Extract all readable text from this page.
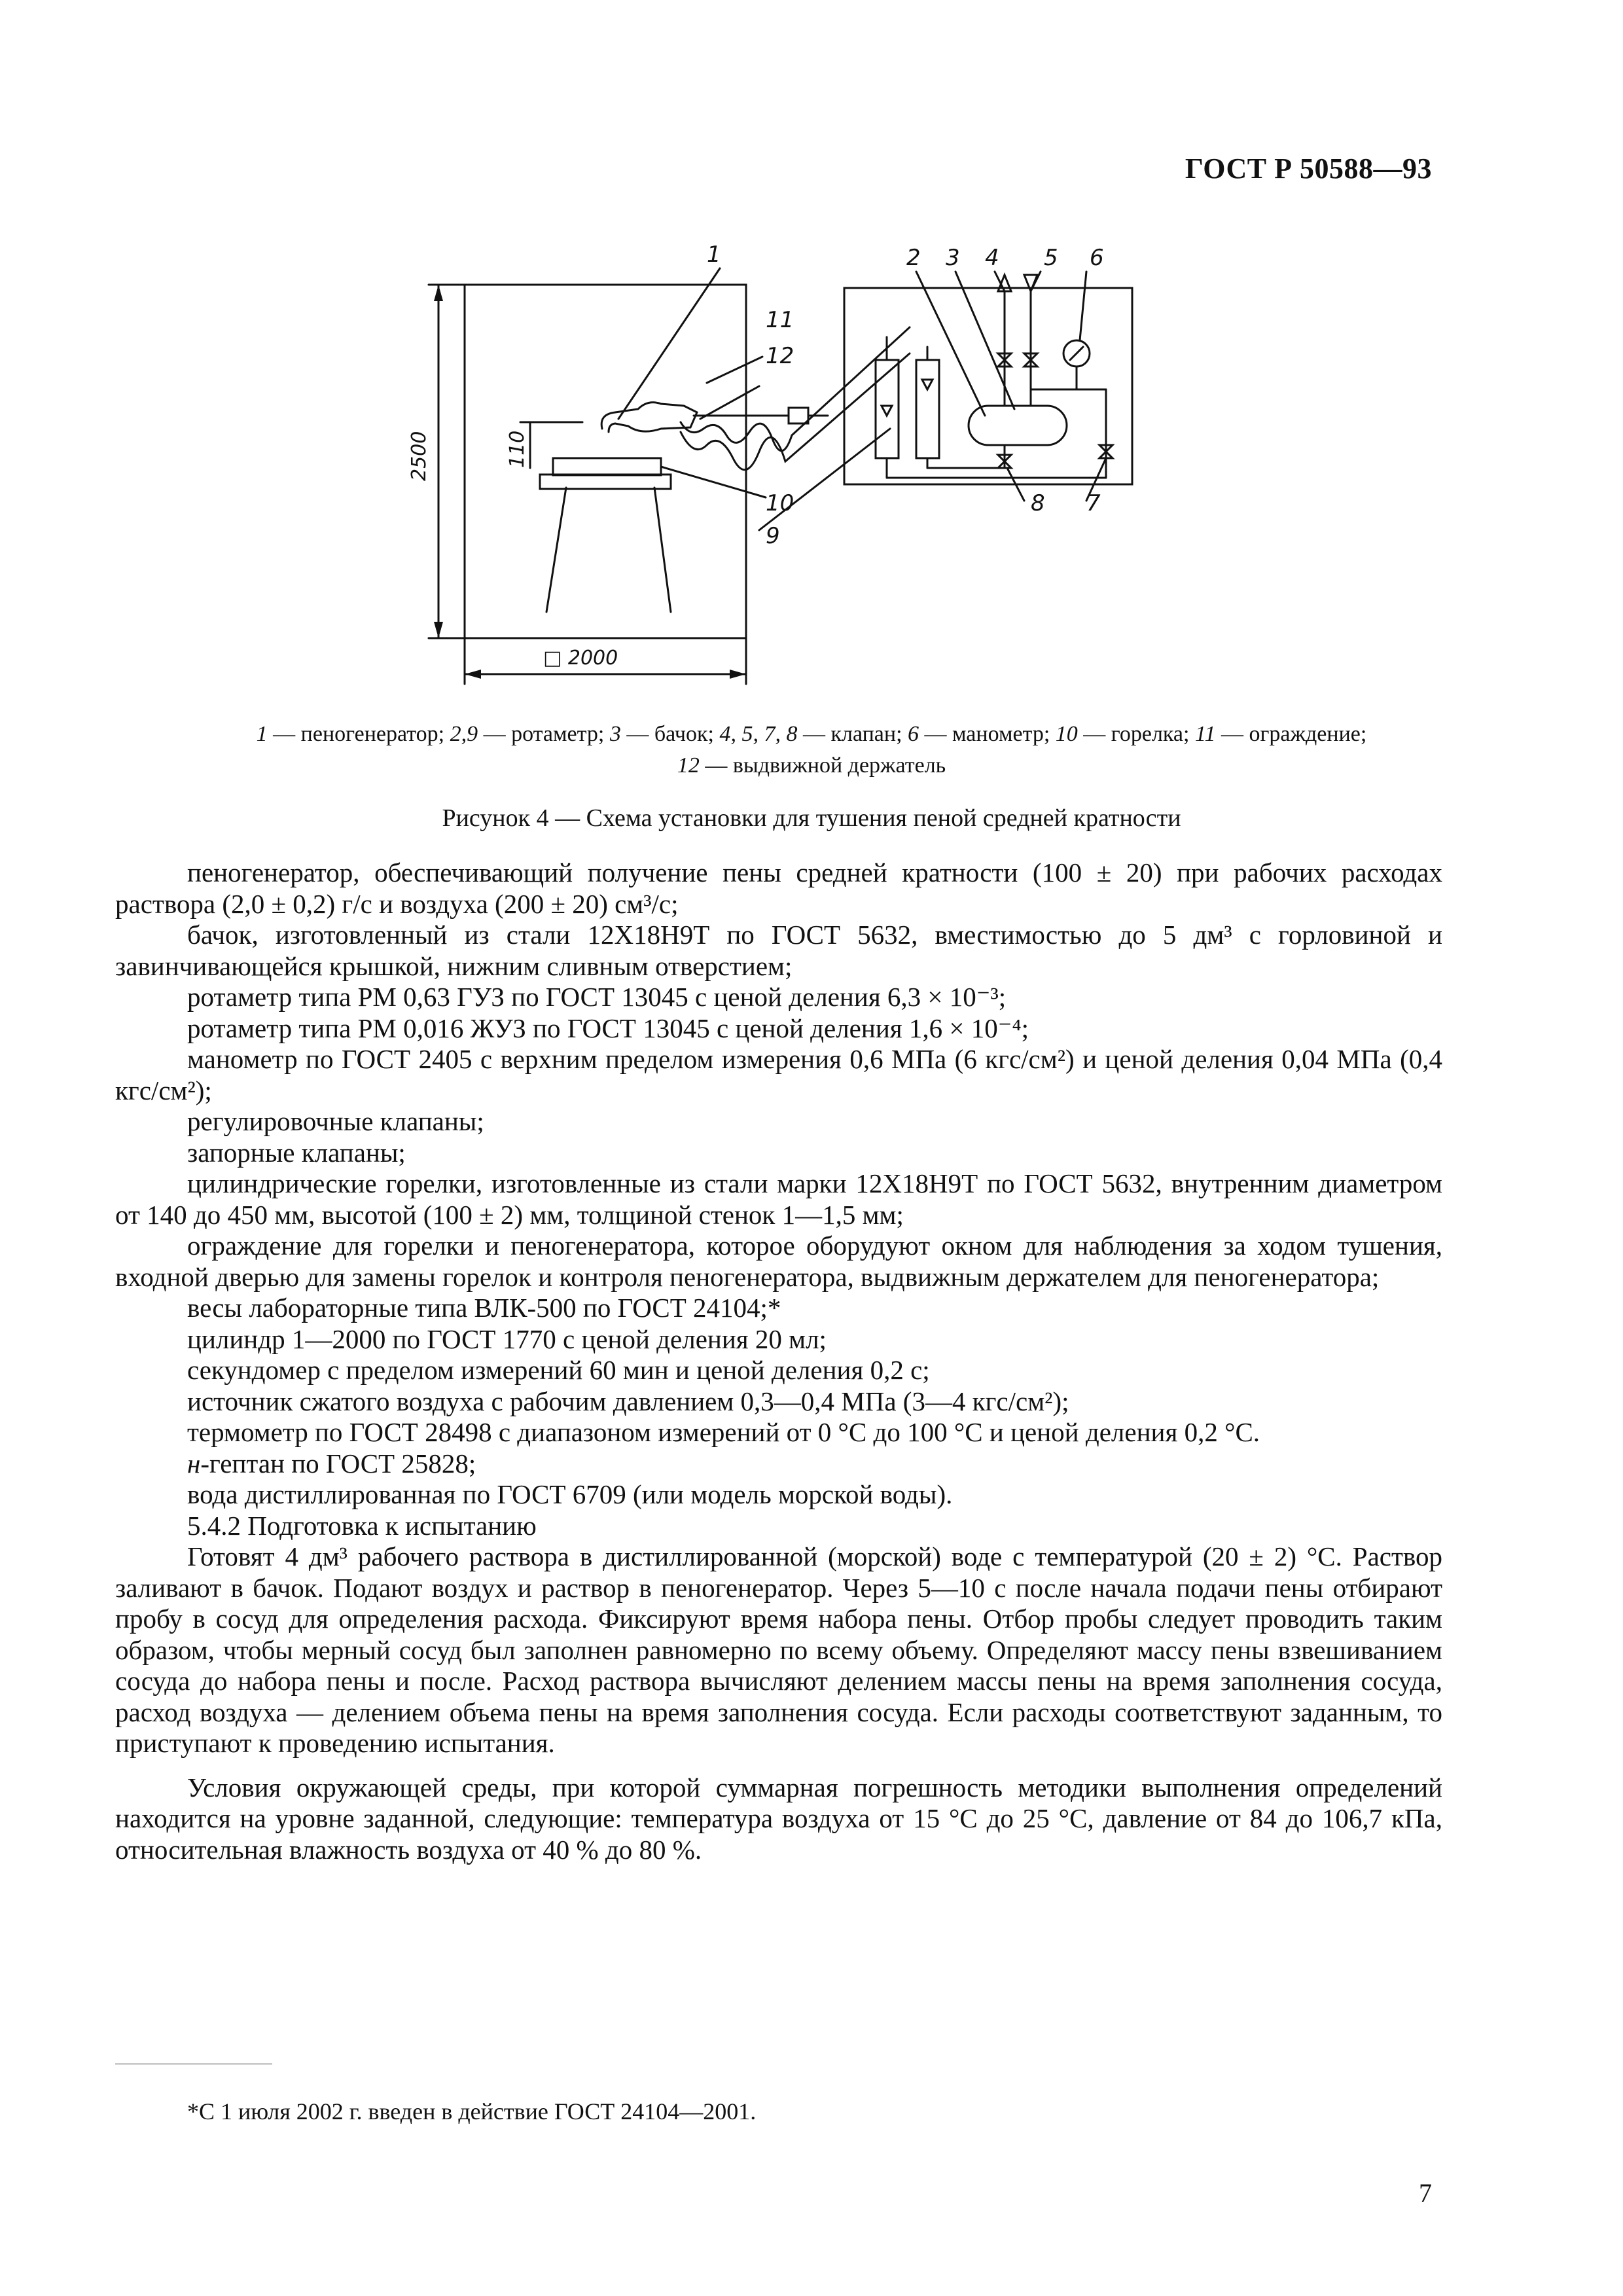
ГОСТ Р 50588—93
1	2 3 4 5 6
11
12
10
9
8 7
2500	110
□ 2000
1 — пеногенератор; 2,9 — ротаметр; 3 — бачок; 4, 5, 7, 8 — клапан; 6 — манометр; 10 — горелка; 11 — ограждение;
12 — выдвижной держатель
Рисунок 4 — Схема установки для тушения пеной средней кратности

пеногенератор, обеспечивающий получение пены средней кратности (100 ± 20) при рабочих расходах раствора (2,0 ± 0,2) г/с и воздуха (200 ± 20) см³/с;

бачок, изготовленный из стали 12Х18Н9Т по ГОСТ 5632, вместимостью до 5 дм³ с горловиной и завинчивающейся крышкой, нижним сливным отверстием;

ротаметр типа РМ 0,63 ГУЗ по ГОСТ 13045 с ценой деления 6,3 × 10⁻³;

ротаметр типа РМ 0,016 ЖУЗ по ГОСТ 13045 с ценой деления 1,6 × 10⁻⁴;

манометр по ГОСТ 2405 с верхним пределом измерения 0,6 МПа (6 кгс/см²) и ценой деления 0,04 МПа (0,4 кгс/см²);

регулировочные клапаны;

запорные клапаны;

цилиндрические горелки, изготовленные из стали марки 12Х18Н9Т по ГОСТ 5632, внутренним диаметром от 140 до 450 мм, высотой (100 ± 2) мм, толщиной стенок 1—1,5 мм;

ограждение для горелки и пеногенератора, которое оборудуют окном для наблюдения за ходом тушения, входной дверью для замены горелок и контроля пеногенератора, выдвижным держателем для пеногенератора;

весы лабораторные типа ВЛК-500 по ГОСТ 24104;*

цилиндр 1—2000 по ГОСТ 1770 с ценой деления 20 мл;

секундомер с пределом измерений 60 мин и ценой деления 0,2 с;

источник сжатого воздуха с рабочим давлением 0,3—0,4 МПа (3—4 кгс/см²);

термометр по ГОСТ 28498 с диапазоном измерений от 0 °С до 100 °С и ценой деления 0,2 °С.

н-гептан по ГОСТ 25828;

вода дистиллированная по ГОСТ 6709 (или модель морской воды).

5.4.2 Подготовка к испытанию

Готовят 4 дм³ рабочего раствора в дистиллированной (морской) воде с температурой (20 ± 2) °С. Раствор заливают в бачок. Подают воздух и раствор в пеногенератор. Через 5—10 с после начала подачи пены отбирают пробу в сосуд для определения расхода. Фиксируют время набора пены. Отбор пробы следует проводить таким образом, чтобы мерный сосуд был заполнен равномерно по всему объему. Определяют массу пены взвешиванием сосуда до набора пены и после. Расход раствора вычисляют делением массы пены на время заполнения сосуда, расход воздуха — делением объема пены на время заполнения сосуда. Если расходы соответствуют заданным, то приступают к проведению испытания.

Условия окружающей среды, при которой суммарная погрешность методики выполнения определений находится на уровне заданной, следующие: температура воздуха от 15 °С до 25 °С, давление от 84 до 106,7 кПа, относительная влажность воздуха от 40 % до 80 %.

*С 1 июля 2002 г. введен в действие ГОСТ 24104—2001.
7
